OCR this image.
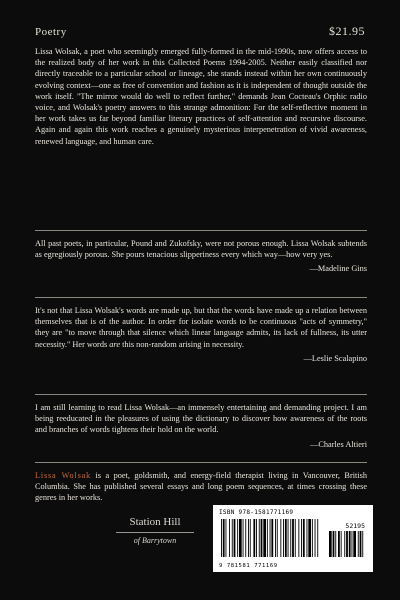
Poetry	$21.95

Lissa Wolsak, a poet who seemingly emerged fully-formed in the mid-1990s, now offers access to the realized body of her work in this Collected Poems 1994-2005. Neither easily classified nor directly traceable to a particular school or lineage, she stands instead within her own continuously evolving context—one as free of convention and fashion as it is independent of thought outside the work itself. "The mirror would do well to reflect further," demands Jean Cocteau's Orphic radio voice, and Wolsak's poetry answers to this strange admonition: For the self-reflective moment in her work takes us far beyond familiar literary practices of self-attention and recursive discourse. Again and again this work reaches a genuinely mysterious interpenetration of vivid awareness, renewed language, and human care.

All past poets, in particular, Pound and Zukofsky, were not porous enough. Lissa Wolsak subtends as egregiously porous. She pours tenacious slipperiness every which way—how very yes.

—Madeline Gins

It's not that Lissa Wolsak's words are made up, but that the words have made up a relation between themselves that is of the author. In order for isolate words to be continuous "acts of symmetry," they are "to move through that silence which linear language admits, its lack of fullness, its utter necessity." Her words are this non-random arising in necessity.

—Leslie Scalapino

I am still learning to read Lissa Wolsak—an immensely entertaining and demanding project. I am being reeducated in the pleasures of using the dictionary to discover how awareness of the roots and branches of words tightens their hold on the world.

—Charles Altieri

Lissa Wolsak is a poet, goldsmith, and energy-field therapist living in Vancouver, British Columbia. She has published several essays and long poem sequences, at times crossing these genres in her works.

Station Hill
of Barrytown
ISBN 978-1581771169
52195
9 781581 771169
